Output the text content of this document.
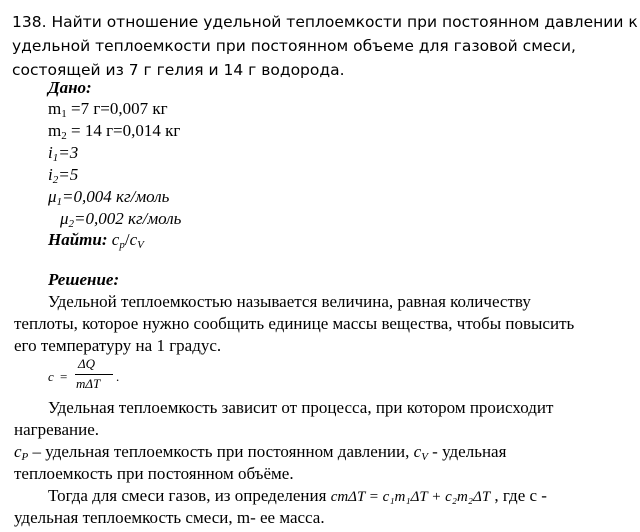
138. Найти отношение удельной теплоемкости при постоянном давлении к
удельной теплоемкости при постоянном объеме для газовой смеси,
состоящей из 7 г гелия и 14 г водорода.
Дано:
$m_1 =7$ г=0,007 кг
$m_2 = 14$ г=0,014 кг
$i_1=3$
$i_2=5$
$\mu_1=0,004$ кг/моль
$\mu_2=0,002$ кг/моль
Найти: $c_p/c_V$
Решение:
Удельной теплоемкостью называется величина, равная количеству
теплоты, которое нужно сообщить единице массы вещества, чтобы повысить
его температуру на 1 градус.
c =
ΔQ
mΔT .
Удельная теплоемкость зависит от процесса, при котором происходит
нагревание.
$c_P$ – удельная теплоемкость при постоянном давлении, $c_V$ - удельная
теплоемкость при постоянном объёме.
Тогда для смеси газов, из определения cmΔT = c₁m₁ΔT + c₂m₂ΔT , где с -
удельная теплоемкость смеси, m- ее масса.
